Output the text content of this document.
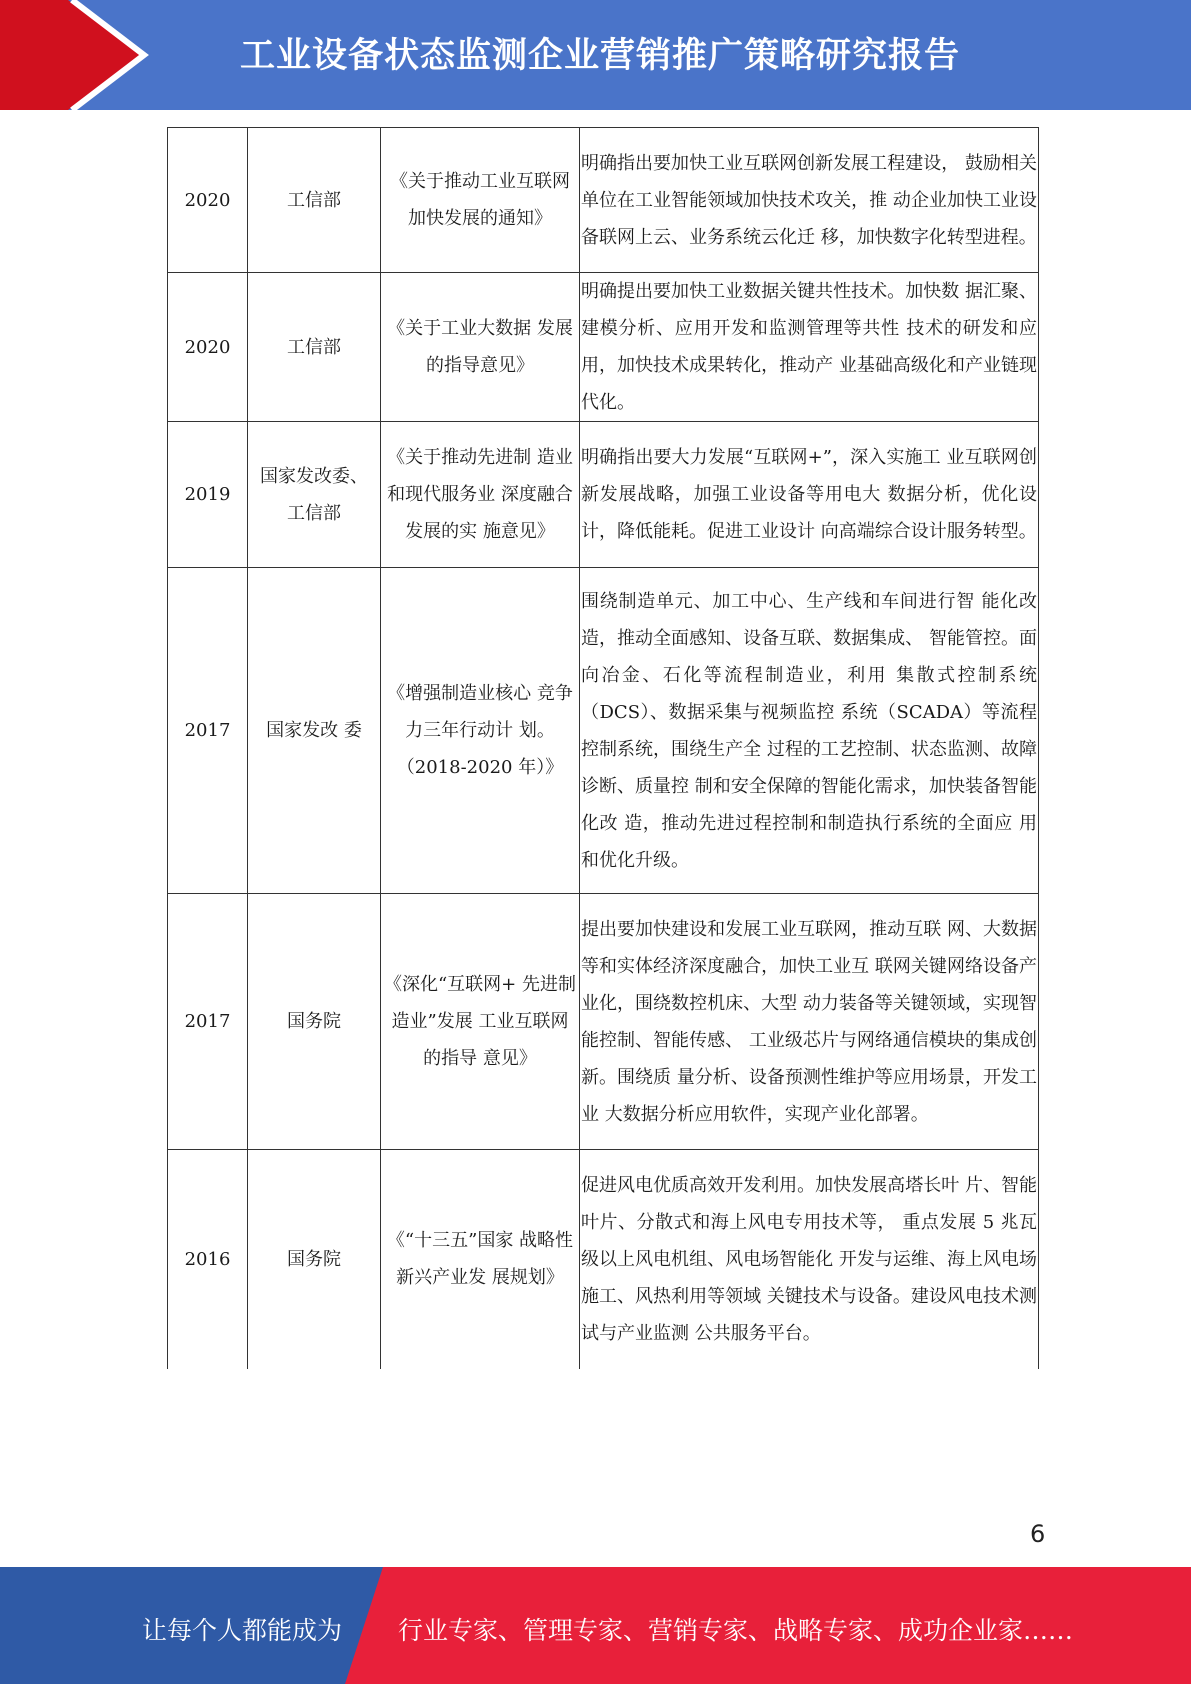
工业设备状态监测企业营销推广策略研究报告
2020	工信部	《关于推动工业互联网加快发展的通知》	明确指出要加快工业互联网创新发展工程建设， 鼓励相关单位在工业智能领域加快技术攻关，推 动企业加快工业设备联网上云、业务系统云化迁 移，加快数字化转型进程。
2020	工信部	《关于工业大数据 发展的指导意见》	明确提出要加快工业数据关键共性技术。加快数 据汇聚、建模分析、应用开发和监测管理等共性 技术的研发和应用，加快技术成果转化，推动产 业基础高级化和产业链现代化。
2019	国家发改委、工信部	《关于推动先进制 造业和现代服务业 深度融合发展的实 施意见》	明确指出要大力发展“互联网+”，深入实施工 业互联网创新发展战略，加强工业设备等用电大 数据分析，优化设计，降低能耗。促进工业设计 向高端综合设计服务转型。
2017	国家发改 委	《增强制造业核心 竞争力三年行动计 划。（2018-2020 年）》	围绕制造单元、加工中心、生产线和车间进行智 能化改造，推动全面感知、设备互联、数据集成、 智能管控。面向冶金、石化等流程制造业，利用 集散式控制系统（DCS）、数据采集与视频监控 系统（SCADA）等流程控制系统，围绕生产全 过程的工艺控制、状态监测、故障诊断、质量控 制和安全保障的智能化需求，加快装备智能化改 造，推动先进过程控制和制造执行系统的全面应 用和优化升级。
2017	国务院	《深化“互联网+ 先进制造业”发展 工业互联网的指导 意见》	提出要加快建设和发展工业互联网，推动互联 网、大数据等和实体经济深度融合，加快工业互 联网关键网络设备产业化，围绕数控机床、大型 动力装备等关键领域，实现智能控制、智能传感、 工业级芯片与网络通信模块的集成创新。围绕质 量分析、设备预测性维护等应用场景，开发工业 大数据分析应用软件，实现产业化部署。
2016	国务院	《“十三五”国家 战略性新兴产业发 展规划》	促进风电优质高效开发利用。加快发展高塔长叶 片、智能叶片、分散式和海上风电专用技术等， 重点发展 5 兆瓦级以上风电机组、风电场智能化 开发与运维、海上风电场施工、风热利用等领域 关键技术与设备。建设风电技术测试与产业监测 公共服务平台。
6
让每个人都能成为 行业专家、管理专家、营销专家、战略专家、成功企业家……
